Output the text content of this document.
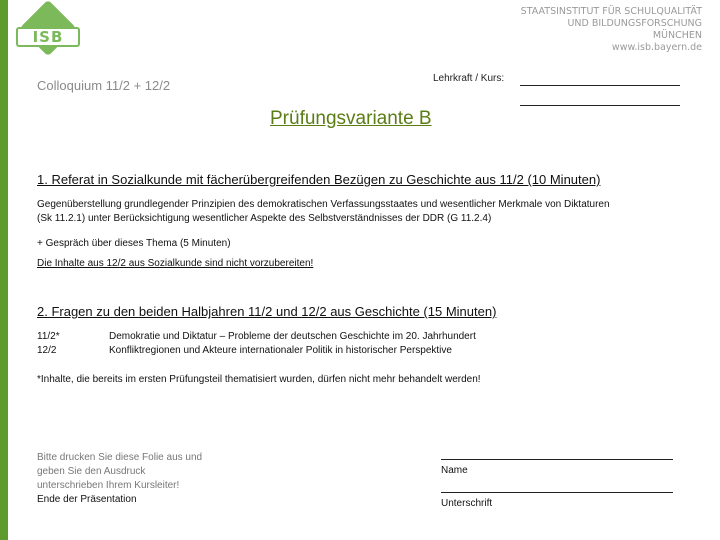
ISB
STAATSINSTITUT FÜR SCHULQUALITÄT
UND BILDUNGSFORSCHUNG
MÜNCHEN
www.isb.bayern.de
Colloquium 11/2 + 12/2	Lehrkraft / Kurs:
Prüfungsvariante B
1. Referat in Sozialkunde mit fächerübergreifenden Bezügen zu Geschichte aus 11/2 (10 Minuten)
Gegenüberstellung grundlegender Prinzipien des demokratischen Verfassungsstaates und wesentlicher Merkmale von Diktaturen
(Sk 11.2.1) unter Berücksichtigung wesentlicher Aspekte des Selbstverständnisses der DDR (G 11.2.4)
+ Gespräch über dieses Thema (5 Minuten)
Die Inhalte aus 12/2 aus Sozialkunde sind nicht vorzubereiten!
2. Fragen zu den beiden Halbjahren 11/2 und 12/2 aus Geschichte (15 Minuten)
11/2*	Demokratie und Diktatur – Probleme der deutschen Geschichte im 20. Jahrhundert
12/2	Konfliktregionen und Akteure internationaler Politik in historischer Perspektive
*Inhalte, die bereits im ersten Prüfungsteil thematisiert wurden, dürfen nicht mehr behandelt werden!
Bitte drucken Sie diese Folie aus und
geben Sie den Ausdruck
unterschrieben Ihrem Kursleiter!
Ende der Präsentation
Name
Unterschrift
